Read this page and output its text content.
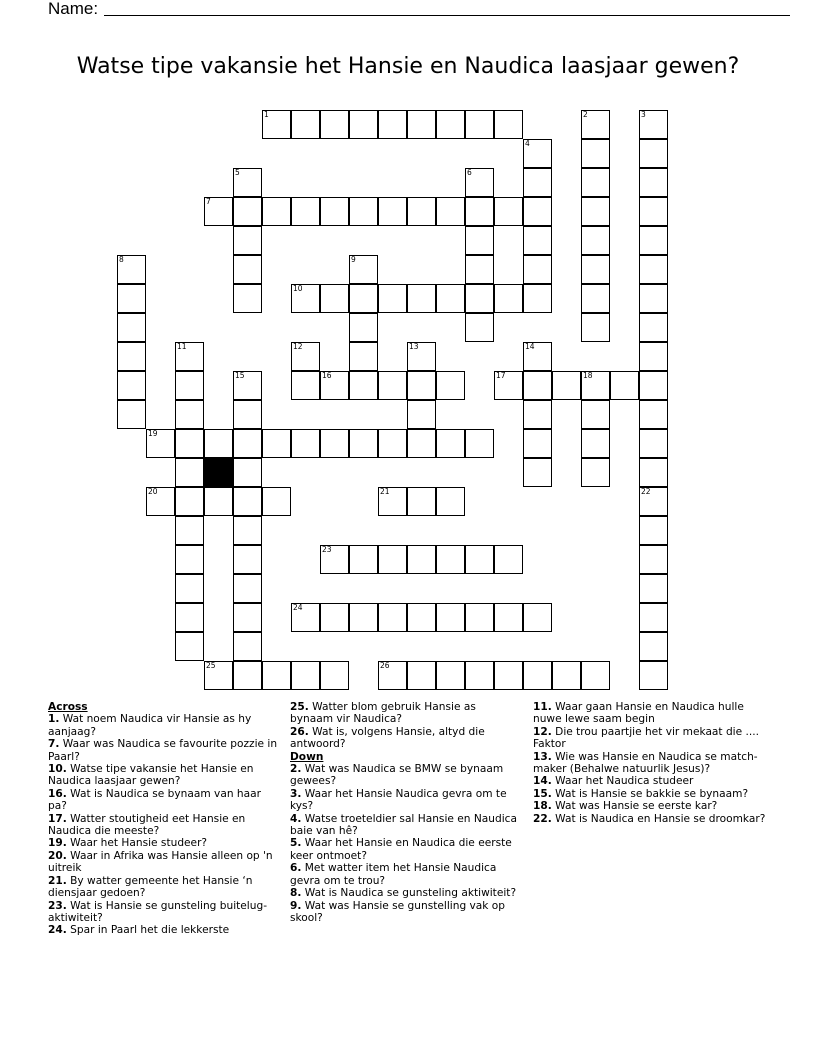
Name:
Watse tipe vakansie het Hansie en Naudica laasjaar gewen?
1
7
10
16	17	18
19
20	21
23
24
25	26
2	3
4
5	6
8	9
11	12	13	14
15
22
Across
1. Wat noem Naudica vir Hansie as hy aanjaag?
7. Waar was Naudica se favourite pozzie in Paarl?
10. Watse tipe vakansie het Hansie en Naudica laasjaar gewen?
16. Wat is Naudica se bynaam van haar pa?
17. Watter stoutigheid eet Hansie en Naudica die meeste?
19. Waar het Hansie studeer?
20. Waar in Afrika was Hansie alleen op 'n uitreik
21. By watter gemeente het Hansie ‘n diensjaar gedoen?
23. Wat is Hansie se gunsteling buitelug-aktiwiteit?
24. Spar in Paarl het die lekkerste
25. Watter blom gebruik Hansie as bynaam vir Naudica?
26. Wat is, volgens Hansie, altyd die antwoord?
Down
2. Wat was Naudica se BMW se bynaam gewees?
3. Waar het Hansie Naudica gevra om te kys?
4. Watse troeteldier sal Hansie en Naudica baie van hê?
5. Waar het Hansie en Naudica die eerste keer ontmoet?
6. Met watter item het Hansie Naudica gevra om te trou?
8. Wat is Naudica se gunsteling aktiwiteit?
9. Wat was Hansie se gunstelling vak op skool?
11. Waar gaan Hansie en Naudica hulle nuwe lewe saam begin
12. Die trou paartjie het vir mekaat die .... Faktor
13. Wie was Hansie en Naudica se match-maker (Behalwe natuurlik Jesus)?
14. Waar het Naudica studeer
15. Wat is Hansie se bakkie se bynaam?
18. Wat was Hansie se eerste kar?
22. Wat is Naudica en Hansie se droomkar?
